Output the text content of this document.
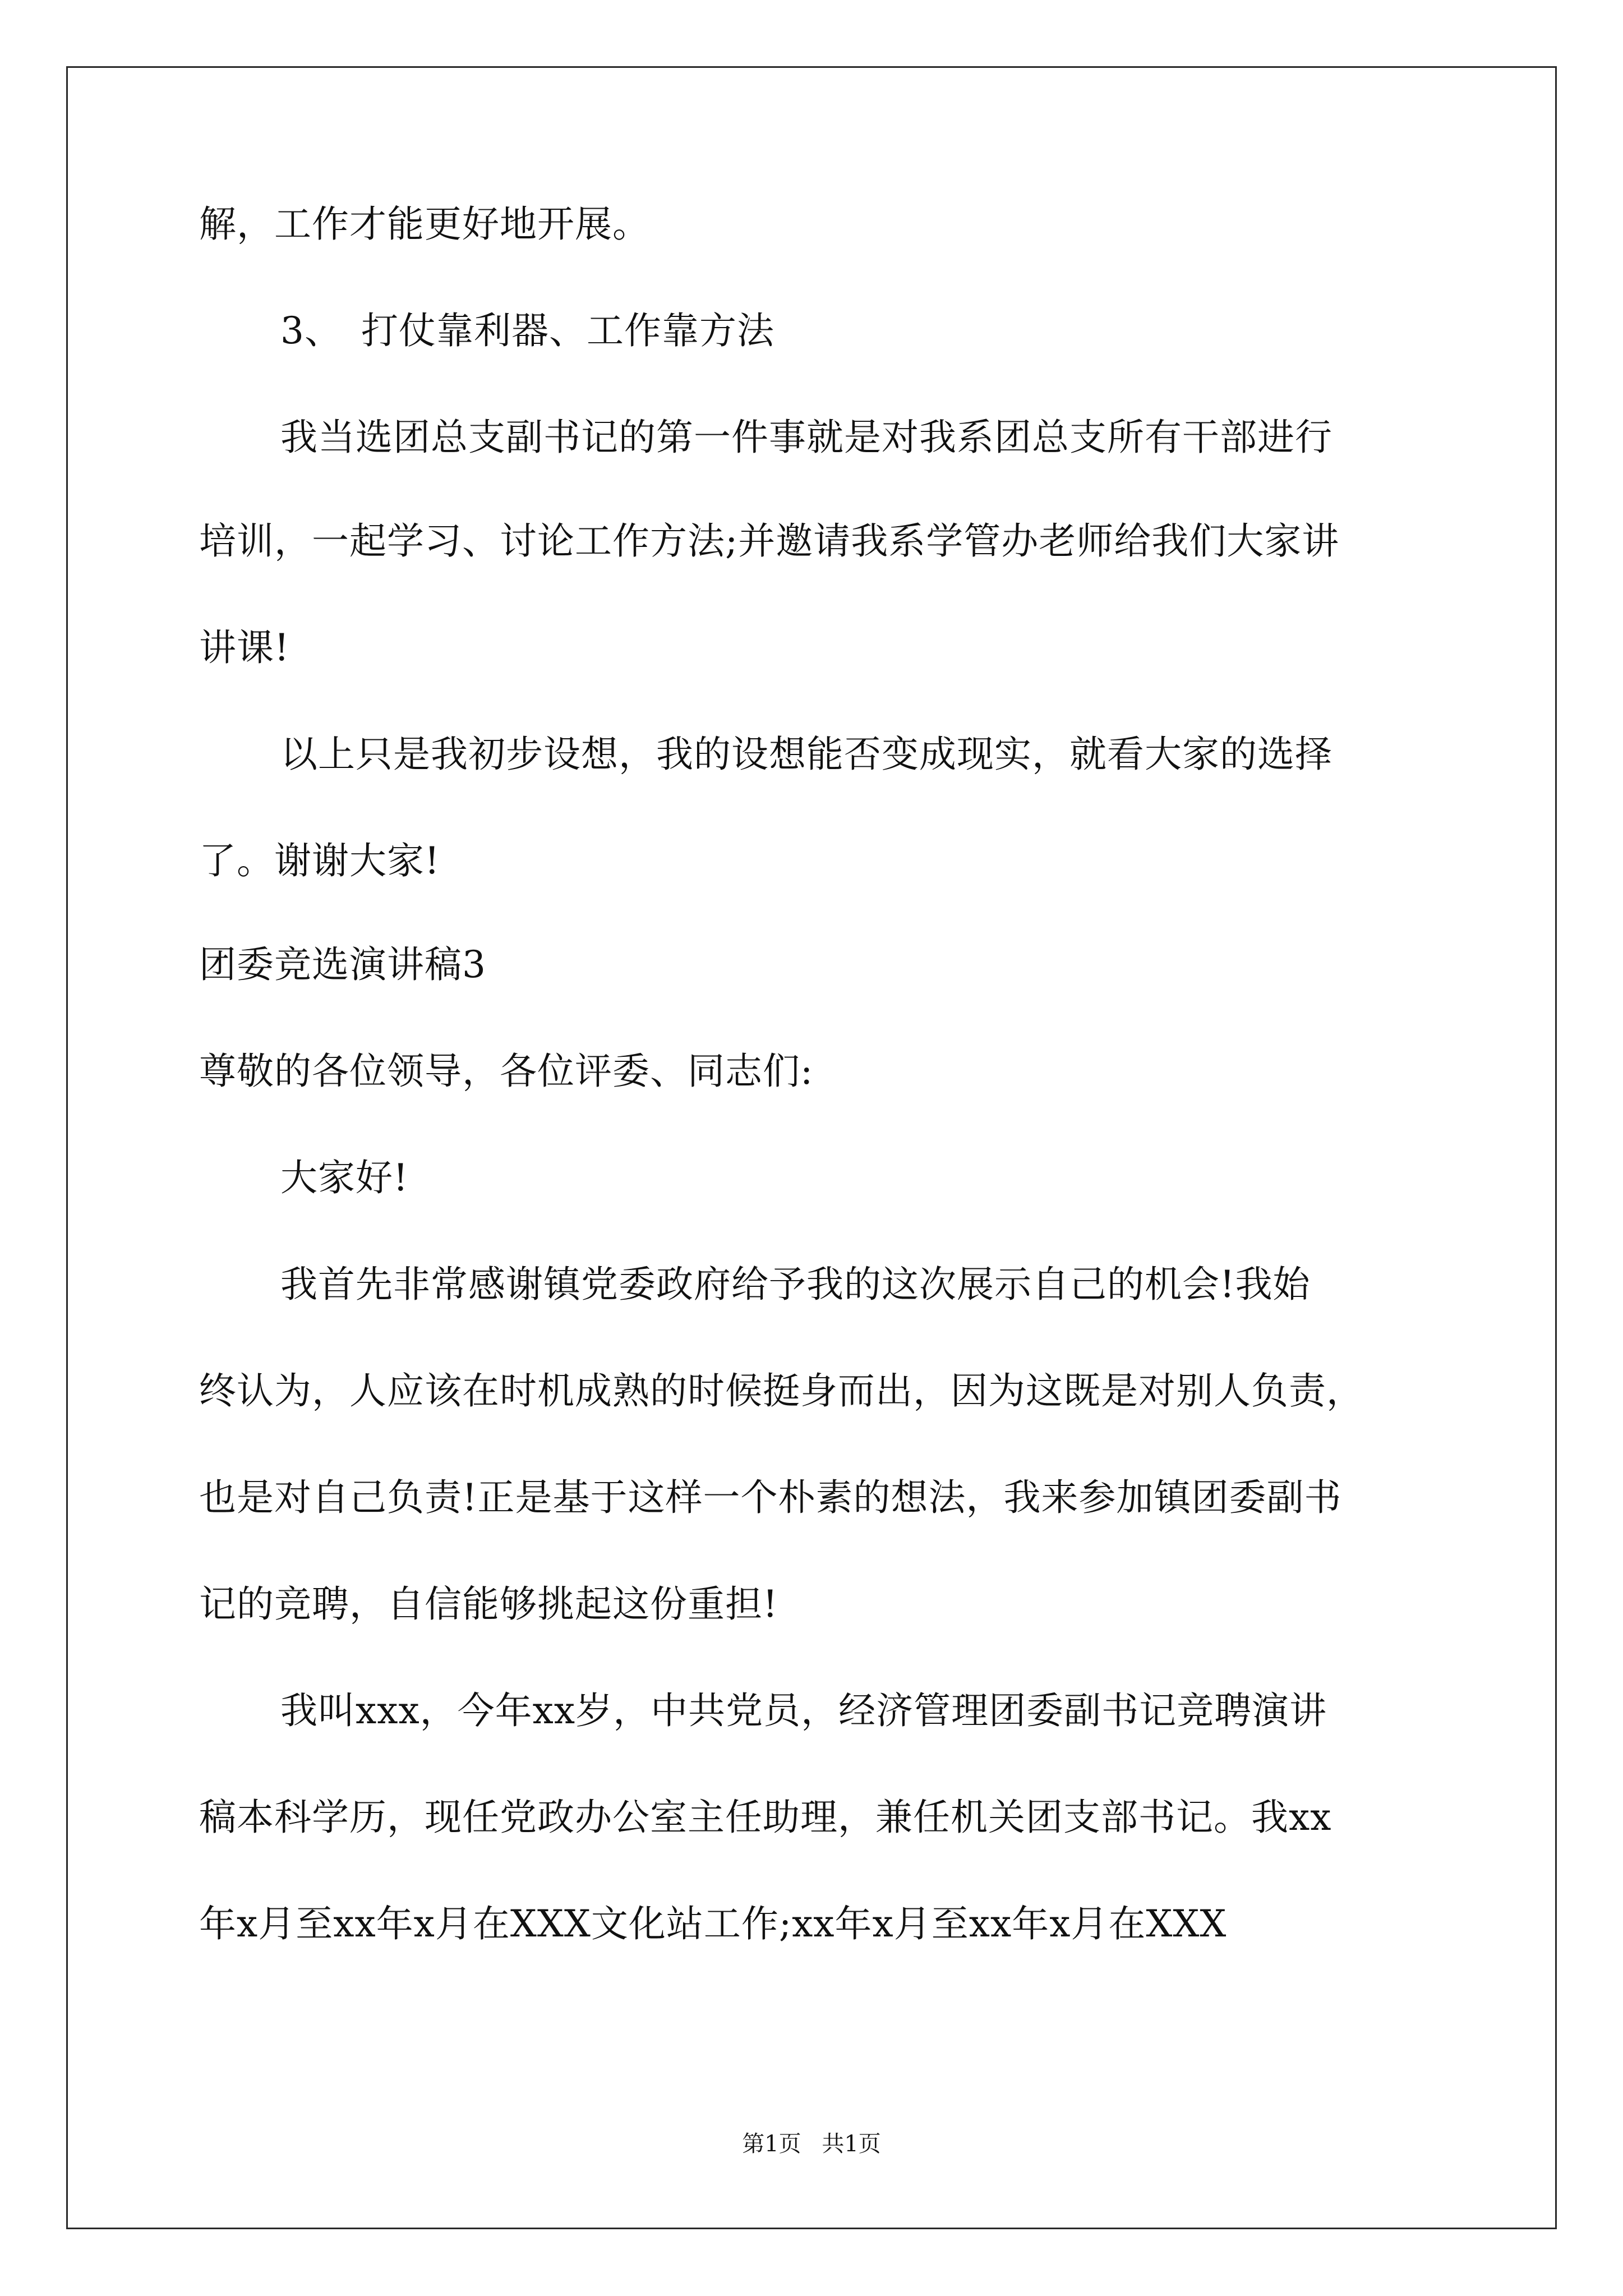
解，工作才能更好地开展。
3、　打仗靠利器、工作靠方法
我当选团总支副书记的第一件事就是对我系团总支所有干部进行
培训，一起学习、讨论工作方法;并邀请我系学管办老师给我们大家讲
讲课!
以上只是我初步设想，我的设想能否变成现实，就看大家的选择
了。谢谢大家!
团委竞选演讲稿3
尊敬的各位领导，各位评委、同志们:
大家好!
我首先非常感谢镇党委政府给予我的这次展示自己的机会!我始
终认为，人应该在时机成熟的时候挺身而出，因为这既是对别人负责，
也是对自己负责!正是基于这样一个朴素的想法，我来参加镇团委副书
记的竞聘，自信能够挑起这份重担!
我叫xxx，今年xx岁，中共党员，经济管理团委副书记竞聘演讲
稿本科学历，现任党政办公室主任助理，兼任机关团支部书记。我xx
年x月至xx年x月在XXX文化站工作;xx年x月至xx年x月在XXX
第1页 共1页
